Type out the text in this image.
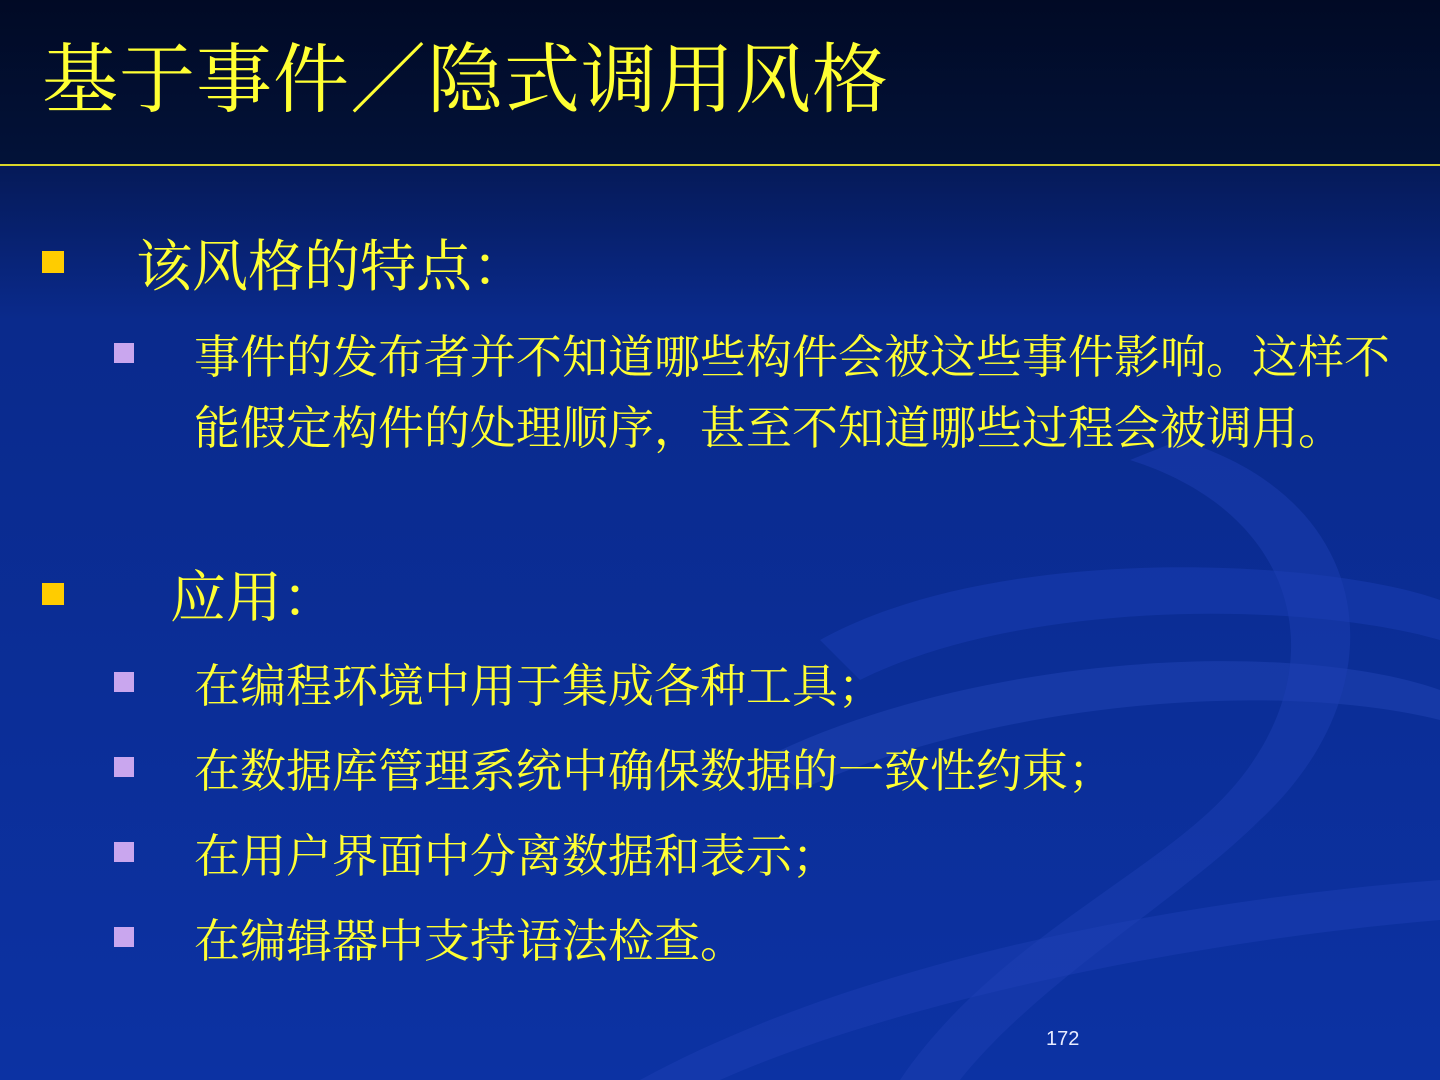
基于事件／隐式调用风格
该风格的特点：
事件的发布者并不知道哪些构件会被这些事件影响。这样不能假定构件的处理顺序，甚至不知道哪些过程会被调用。
应用：
在编程环境中用于集成各种工具；
在数据库管理系统中确保数据的一致性约束；
在用户界面中分离数据和表示；
在编辑器中支持语法检查。
172
